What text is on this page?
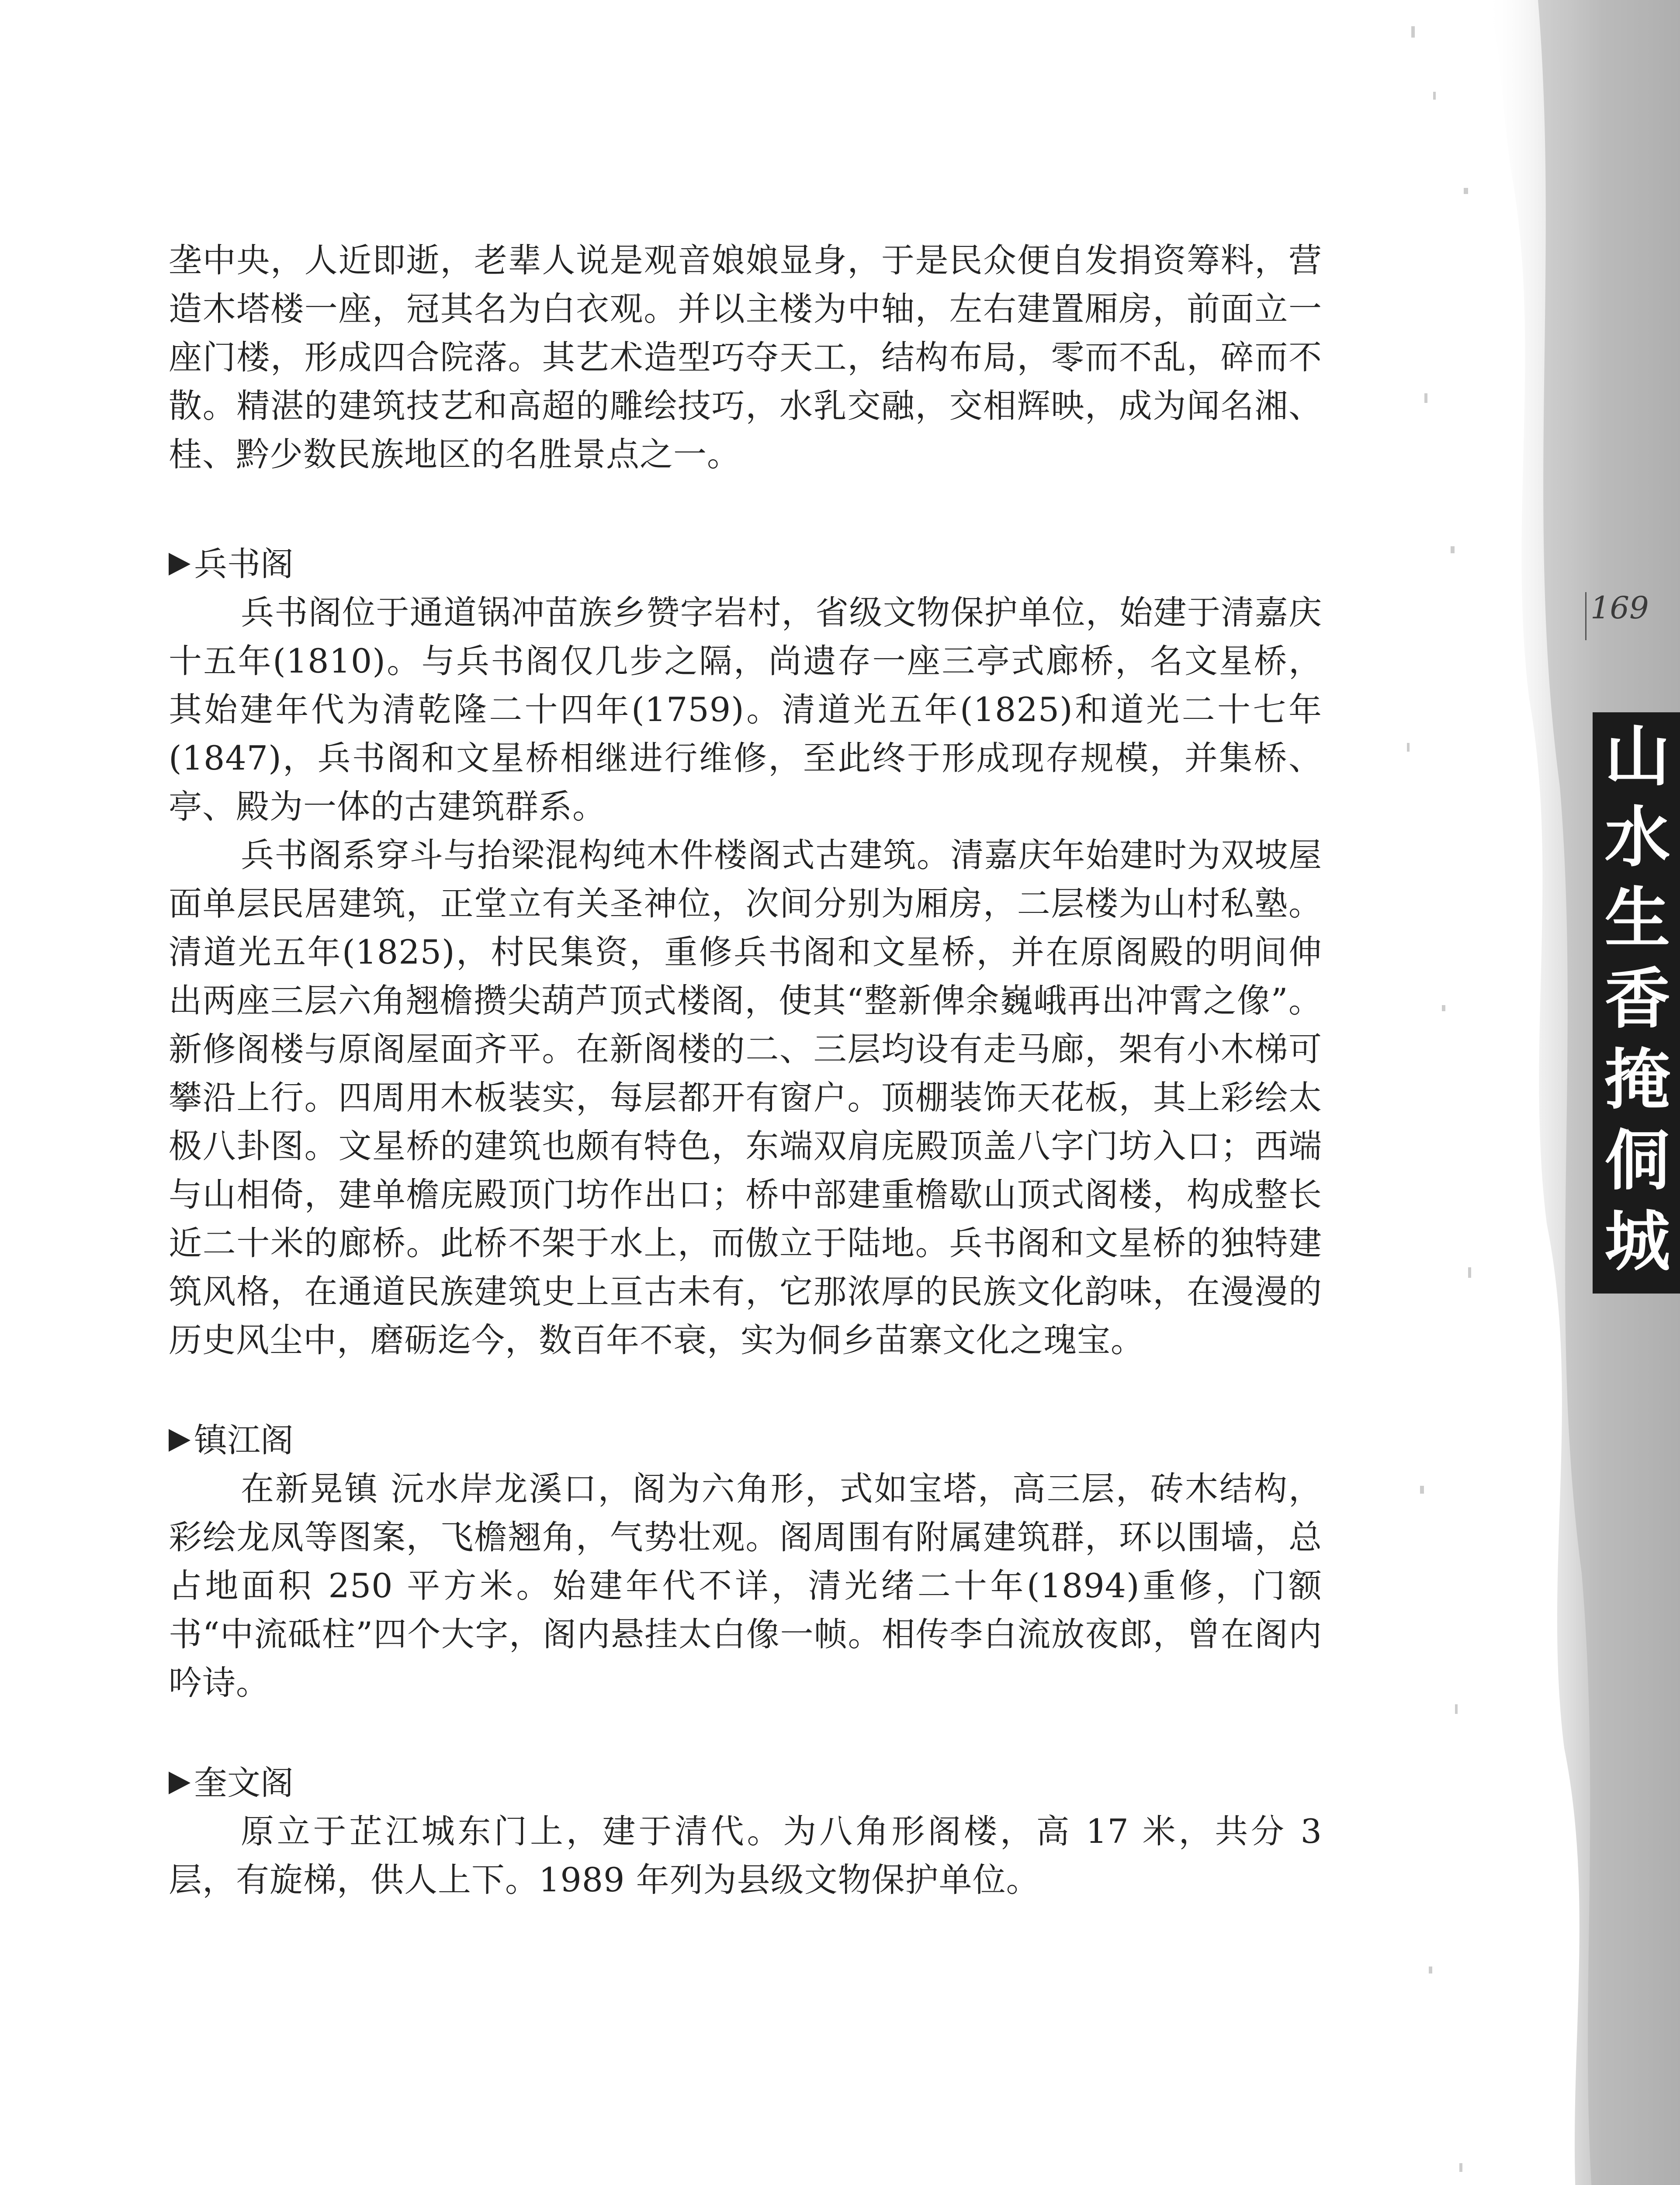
169
山水生香掩侗城

垄中央，人近即逝，老辈人说是观音娘娘显身，于是民众便自发捐资筹料，营造木塔楼一座，冠其名为白衣观。并以主楼为中轴，左右建置厢房，前面立一座门楼，形成四合院落。其艺术造型巧夺天工，结构布局，零而不乱，碎而不散。精湛的建筑技艺和高超的雕绘技巧，水乳交融，交相辉映，成为闻名湘、桂、黔少数民族地区的名胜景点之一。

兵书阁

兵书阁位于通道锅冲苗族乡赞字岩村，省级文物保护单位，始建于清嘉庆十五年(1810)。与兵书阁仅几步之隔，尚遗存一座三亭式廊桥，名文星桥，其始建年代为清乾隆二十四年(1759)。清道光五年(1825)和道光二十七年(1847)，兵书阁和文星桥相继进行维修，至此终于形成现存规模，并集桥、亭、殿为一体的古建筑群系。

兵书阁系穿斗与抬梁混构纯木件楼阁式古建筑。清嘉庆年始建时为双坡屋面单层民居建筑，正堂立有关圣神位，次间分别为厢房，二层楼为山村私塾。清道光五年(1825)，村民集资，重修兵书阁和文星桥，并在原阁殿的明间伸出两座三层六角翘檐攒尖葫芦顶式楼阁，使其“整新俾余巍峨再出冲霄之像”。新修阁楼与原阁屋面齐平。在新阁楼的二、三层均设有走马廊，架有小木梯可攀沿上行。四周用木板装实，每层都开有窗户。顶棚装饰天花板，其上彩绘太极八卦图。文星桥的建筑也颇有特色，东端双肩庑殿顶盖八字门坊入口；西端与山相倚，建单檐庑殿顶门坊作出口；桥中部建重檐歇山顶式阁楼，构成整长近二十米的廊桥。此桥不架于水上，而傲立于陆地。兵书阁和文星桥的独特建筑风格，在通道民族建筑史上亘古未有，它那浓厚的民族文化韵味，在漫漫的历史风尘中，磨砺迄今，数百年不衰，实为侗乡苗寨文化之瑰宝。

镇江阁

在新晃镇 沅水岸龙溪口，阁为六角形，式如宝塔，高三层，砖木结构，彩绘龙凤等图案，飞檐翘角，气势壮观。阁周围有附属建筑群，环以围墙，总占地面积 250 平方米。始建年代不详，清光绪二十年(1894)重修，门额书“中流砥柱”四个大字，阁内悬挂太白像一帧。相传李白流放夜郎，曾在阁内吟诗。

奎文阁

原立于芷江城东门上，建于清代。为八角形阁楼，高 17 米，共分 3 层，有旋梯，供人上下。1989 年列为县级文物保护单位。
